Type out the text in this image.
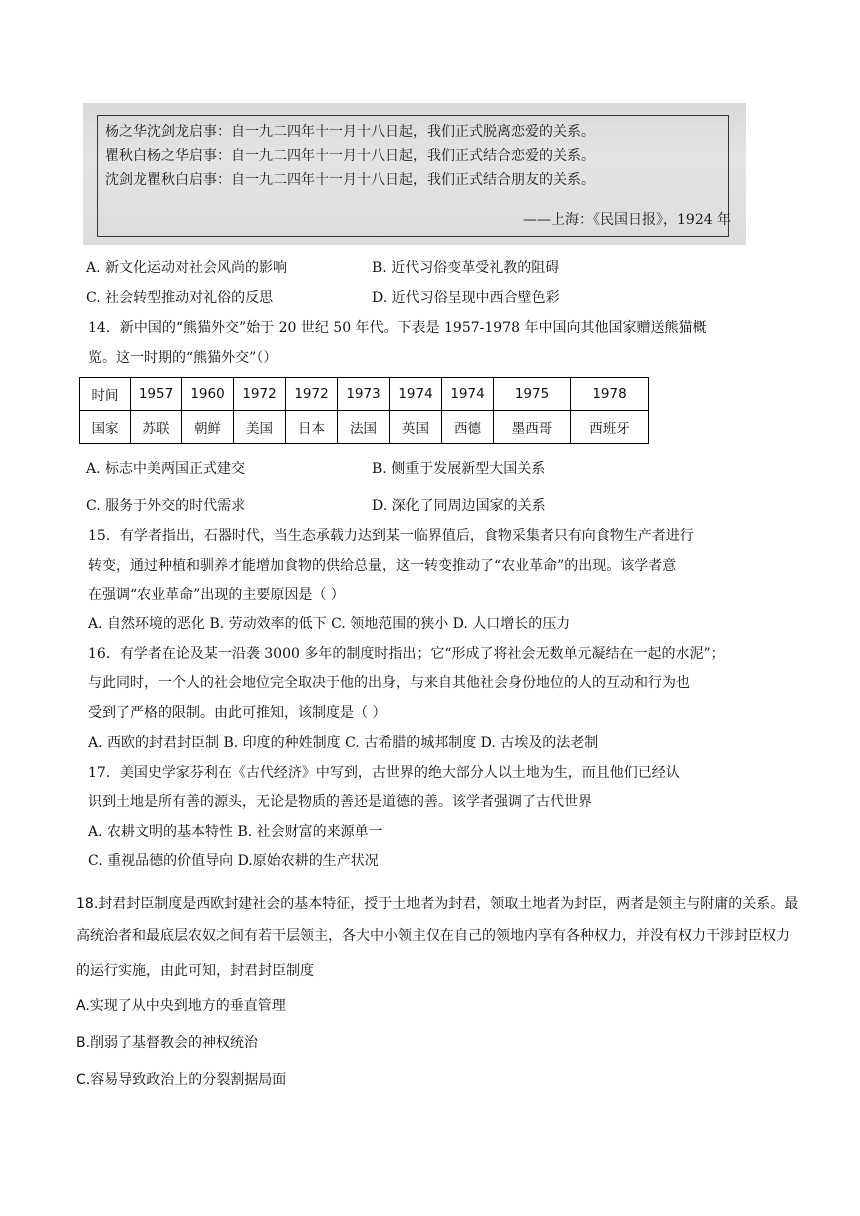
杨之华沈剑龙启事：自一九二四年十一月十八日起，我们正式脱离恋爱的关系。
瞿秋白杨之华启事：自一九二四年十一月十八日起，我们正式结合恋爱的关系。
沈剑龙瞿秋白启事：自一九二四年十一月十八日起，我们正式结合朋友的关系。
——上海：《民国日报》，1924 年
A. 新文化运动对社会风尚的影响	B. 近代习俗变革受礼教的阻碍
C. 社会转型推动对礼俗的反思	D. 近代习俗呈现中西合壁色彩
14．新中国的“熊猫外交”始于 20 世纪 50 年代。下表是 1957-1978 年中国向其他国家赠送熊猫概
览。这一时期的“熊猫外交”（）
时间	1957	1960	1972	1972	1973	1974	1974	1975	1978
国家	苏联	朝鲜	美国	日本	法国	英国	西德	墨西哥	西班牙
A. 标志中美两国正式建交	B. 侧重于发展新型大国关系
C. 服务于外交的时代需求	D. 深化了同周边国家的关系
15．有学者指出，石器时代，当生态承载力达到某一临界值后，食物采集者只有向食物生产者进行
转变，通过种植和驯养才能增加食物的供给总量，这一转变推动了“农业革命”的出现。该学者意
在强调“农业革命”出现的主要原因是（ ）
A. 自然环境的恶化 B. 劳动效率的低下 C. 领地范围的狭小 D. 人口增长的压力
16．有学者在论及某一沿袭 3000 多年的制度时指出；它“形成了将社会无数单元凝结在一起的水泥”；
与此同时，一个人的社会地位完全取决于他的出身，与来自其他社会身份地位的人的互动和行为也
受到了严格的限制。由此可推知，该制度是（ ）
A. 西欧的封君封臣制 B. 印度的种姓制度 C. 古希腊的城邦制度 D. 古埃及的法老制
17．美国史学家芬利在《古代经济》中写到，古世界的绝大部分人以土地为生，而且他们已经认
识到土地是所有善的源头，无论是物质的善还是道德的善。该学者强调了古代世界
A. 农耕文明的基本特性 B. 社会财富的来源单一
C. 重视品德的价值导向 D.原始农耕的生产状况
18.封君封臣制度是西欧封建社会的基本特征，授于土地者为封君，领取土地者为封臣，两者是领主与附庸的关系。最
高统治者和最底层农奴之间有若干层领主，各大中小领主仅在自己的领地内享有各种权力，并没有权力干涉封臣权力
的运行实施，由此可知，封君封臣制度
A.实现了从中央到地方的垂直管理
B.削弱了基督教会的神权统治
C.容易导致政治上的分裂割据局面
